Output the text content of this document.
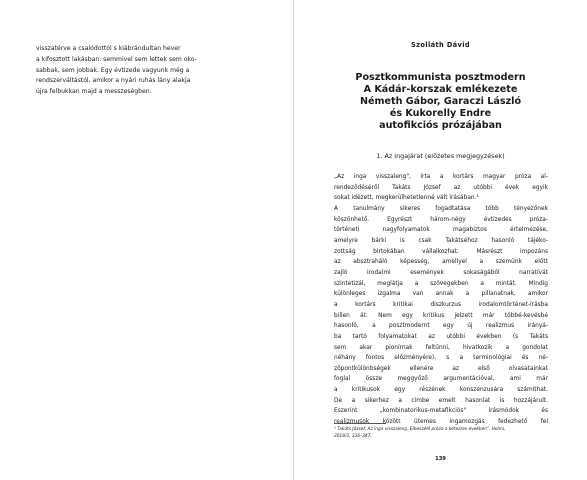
visszatérve a csalódottól s kiábrándultan hever
a kifosztott lakásban: semmivel sem lettek sem oko-
sabbak, sem jobbak. Egy évtizede vagyunk még a
rendszerváltástól, amikor a nyári ruhás lány alakja
újra felbukkan majd a messzeségben.
Szolláth Dávid
Posztkommunista posztmodern
A Kádár-korszak emlékezete
Németh Gábor, Garaczi László
és Kukorelly Endre
autofikciós prózájában
1. Az ingajárat (előzetes megjegyzések)
„Az inga visszaleng", írta a kortárs magyar próza al-
rendeződéséről Takáts József az utóbbi évek egyik
sokat idézett, megkerülhetetlenné vált írásában.¹
A tanulmány sikeres fogadtatása több tényezőnek
köszönhető. Egyrészt három-négy évtizedes próza-
történeti nagyfolyamatok magabiztos értelmezése,
amelyre bárki is csak Takátséhoz hasonló tájéko-
zottság birtokában vállalkozhat. Másrészt impozáns
az absztraháló képesség, amellyel a szemünk előtt
zajló irodalmi események sokaságából narratívát
szintetizál, meglátja a szövegekben a mintát. Mindig
különleges izgalma van annak a pillanatnak, amikor
a kortárs kritikai diszkurzus irodalomtörténet-írásba
billen át. Nem egy kritikus jelzett már többé-kevésbé
hasonló, a posztmodernt egy új realizmus irányá-
ba tartó folyamatokat az utóbbi években (s Takáts
sem akar pionírnak feltűnni, hivatkozik a gondolat
néhány fontos előzményére), s a terminológiai és né-
zőpontkülönbségek ellenére az első olvasatainkat
foglal össze meggyőző argumentációval, ami már
a kritikusok egy részének konszenzusára számíthat.
De a sikerhez a címbe emelt hasonlat is hozzájárult.
Eszerint „kombinatorikus-metafikciós" írásmódok és
realizmusok között ütemes ingamozgás fedezhető fel
¹ Takáts József, Az inga visszaleng. Elbeszélő próza a kétezres években", Holmi,
2018/3, 336–347.
139
